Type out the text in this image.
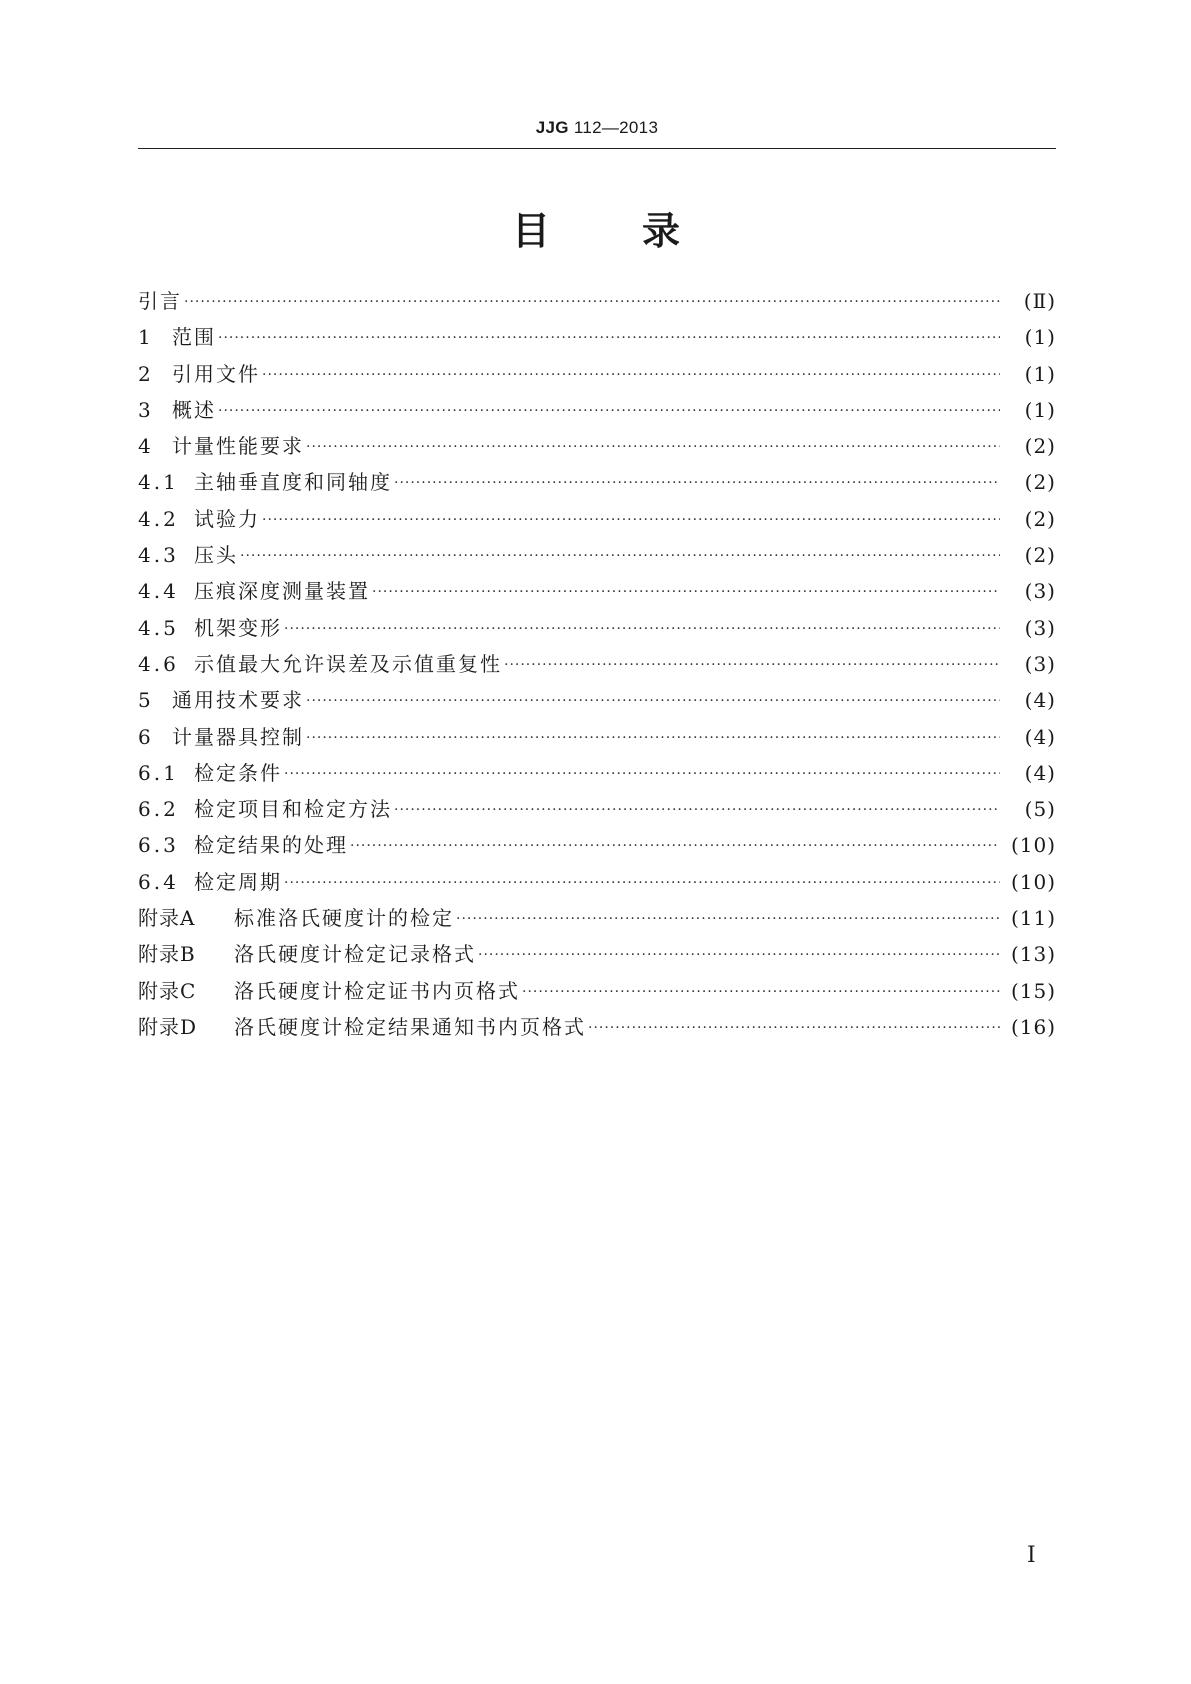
JJG 112—2013
目 录
引言 ·····	(Ⅱ)
1 范围 ·····	(1)
2 引用文件 ·····	(1)
3 概述 ·····	(1)
4 计量性能要求 ·····	(2)
4.1 主轴垂直度和同轴度 ·····	(2)
4.2 试验力 ·····	(2)
4.3 压头 ·····	(2)
4.4 压痕深度测量装置 ·····	(3)
4.5 机架变形 ·····	(3)
4.6 示值最大允许误差及示值重复性 ·····	(3)
5 通用技术要求 ·····	(4)
6 计量器具控制 ·····	(4)
6.1 检定条件 ·····	(4)
6.2 检定项目和检定方法 ·····	(5)
6.3 检定结果的处理 ·····	(10)
6.4 检定周期 ·····	(10)
附录A	标准洛氏硬度计的检定 ·····	(11)
附录B	洛氏硬度计检定记录格式 ·····	(13)
附录C	洛氏硬度计检定证书内页格式 ·····	(15)
附录D	洛氏硬度计检定结果通知书内页格式 ·····	(16)
Ⅰ
